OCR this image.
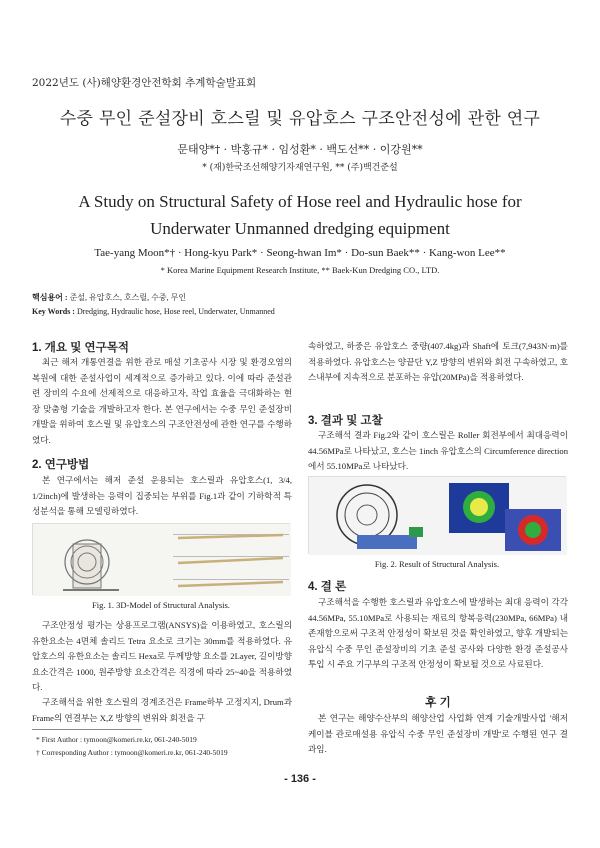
2022년도 (사)해양환경안전학회 추계학술발표회
수중 무인 준설장비 호스릴 및 유압호스 구조안전성에 관한 연구
문태양*† · 박홍규* · 임성환* · 백도선** · 이강원**
* (재)한국조선해양기자재연구원, ** (주)백건준설
A Study on Structural Safety of Hose reel and Hydraulic hose for
Underwater Unmanned dredging equipment
Tae-yang Moon*† · Hong-kyu Park* · Seong-hwan Im* · Do-sun Baek** · Kang-won Lee**
* Korea Marine Equipment Research Institute, ** Baek-Kun Dredging CO., LTD.
핵심용어 : 준설, 유압호스, 호스릴, 수중, 무인
Key Words : Dredging, Hydraulic hose, Hose reel, Underwater, Unmanned
1. 개요 및 연구목적
최근 해저 개통연결을 위한 관로 매설 기초공사 시장 및 환경오염의 복원에 대한 준설사업이 세계적으로 증가하고 있다. 이에 따라 준설관련 장비의 수요에 선제적으로 대응하고자, 작업 효율을 극대화하는 현장 맞춤형 기술을 개발하고자 한다. 본 연구에서는 수중 무인 준설장비 개발을 위하여 호스릴 및 유압호스의 구조안전성에 관한 연구를 수행하였다.
2. 연구방법
본 연구에서는 해저 준설 운용되는 호스릴과 유압호스(1, 3/4, 1/2inch)에 발생하는 응력이 집중되는 부위를 Fig.1과 같이 기하학적 특성분석을 통해 모델링하였다.
Fig. 1. 3D-Model of Structural Analysis.
구조안정성 평가는 상용프로그램(ANSYS)을 이용하였고, 호스릴의 유한요소는 4면체 솔리드 Tetra 요소로 크기는 30mm를 적용하였다. 유압호스의 유한요소는 솔리드 Hexa로 두께방향 요소를 2Layer, 길이방향 요소간격은 1000, 원주방향 요소간격은 직경에 따라 25~40을 적용하였다.
구조해석을 위한 호스릴의 경계조건은 Frame하부 고정지지, Drum과 Frame의 연결부는 X,Z 방향의 변위와 회전을 구
* First Author : tymoon@komeri.re.kr, 061-240-5019
† Corresponding Author : tymoon@komeri.re.kr, 061-240-5019
속하였고, 하중은 유압호스 중량(407.4kg)과 Shaft에 토크(7,943N·m)를 적용하였다. 유압호스는 양끝단 Y,Z 방향의 변위와 회전 구속하였고, 호스내부에 지속적으로 분포하는 유압(20MPa)을 적용하였다.
3. 결과 및 고찰
구조해석 결과 Fig.2와 같이 호스릴은 Roller 회전부에서 최대응력이 44.56MPa로 나타났고, 호스는 1inch 유압호스의 Circumference direction에서 55.10MPa로 나타났다.
Fig. 2. Result of Structural Analysis.
4. 결 론
구조해석을 수행한 호스릴과 유압호스에 발생하는 최대 응력이 각각 44.56MPa, 55.10MPa로 사용되는 재료의 항복응력(230MPa, 66MPa) 내 존재함으로써 구조적 안정성이 확보된 것을 확인하였고, 향후 개발되는 유압식 수중 무인 준설장비의 기초 준설 공사와 다양한 환경 준설공사 투입 시 주요 기구부의 구조적 안정성이 확보될 것으로 사료된다.
후 기
본 연구는 해양수산부의 해양산업 사업화 연계 기술개발사업 '해저 케이블 관로매설용 유압식 수중 무인 준설장비 개발'로 수행된 연구 결과임.
- 136 -
